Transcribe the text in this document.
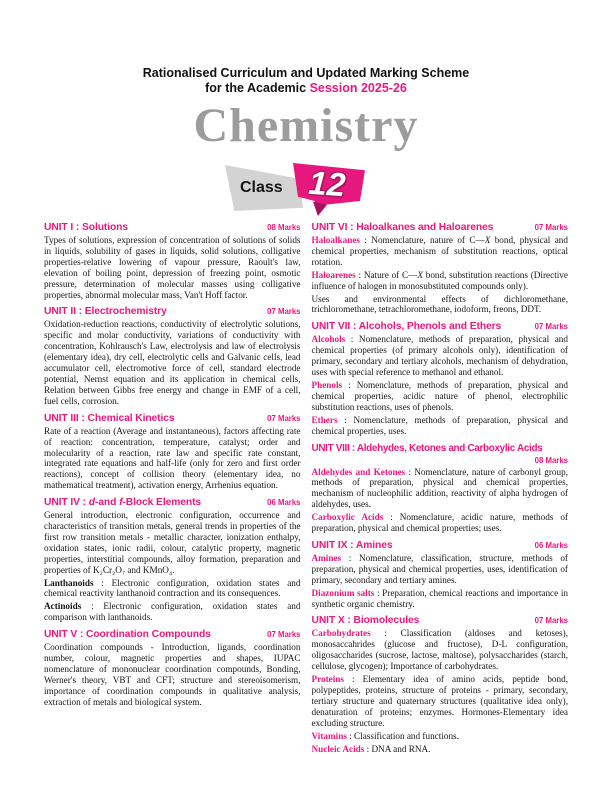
Rationalised Curriculum and Updated Marking Scheme
for the Academic Session 2025-26
Chemistry
Class 12
UNIT I : Solutions	08 Marks

Types of solutions, expression of concentration of solutions of solids in liquids, solubility of gases in liquids, solid solutions, colligative properties-relative lowering of vapour pressure, Raoult's law, elevation of boiling point, depression of freezing point, osmotic pressure, determination of molecular masses using colligative properties, abnormal molecular mass, Van't Hoff factor.

UNIT II : Electrochemistry	07 Marks

Oxidation-reduction reactions, conductivity of electrolytic solutions, specific and molar conductivity, variations of conductivity with concentration, Kohlrausch's Law, electrolysis and law of electrolysis (elementary idea), dry cell, electrolytic cells and Galvanic cells, lead accumulator cell, electromotive force of cell, standard electrode potential, Nernst equation and its application in chemical cells, Relation between Gibbs free energy and change in EMF of a cell, fuel cells, corrosion.

UNIT III : Chemical Kinetics	07 Marks

Rate of a reaction (Average and instantaneous), factors affecting rate of reaction: concentration, temperature, catalyst; order and molecularity of a reaction, rate law and specific rate constant, integrated rate equations and half-life (only for zero and first order reactions), concept of collision theory (elementary idea, no mathematical treatment), activation energy, Arrhenius equation.

UNIT IV : d-and f-Block Elements	06 Marks

General introduction, electronic configuration, occurrence and characteristics of transition metals, general trends in properties of the first row transition metals - metallic character, ionization enthalpy, oxidation states, ionic radii, colour, catalytic property, magnetic properties, interstitial compounds, alloy formation, preparation and properties of K₂Cr₂O₇ and KMnO₄.

Lanthanoids : Electronic configuration, oxidation states and chemical reactivity lanthanoid contraction and its consequences.

Actinoids : Electronic configuration, oxidation states and comparison with lanthanoids.

UNIT V : Coordination Compounds	07 Marks

Coordination compounds - Introduction, ligands, coordination number, colour, magnetic properties and shapes, IUPAC nomenclature of mononuclear coordination compounds, Bonding, Werner's theory, VBT and CFT; structure and stereoisomerism, importance of coordination compounds in qualitative analysis, extraction of metals and biological system.

UNIT VI : Haloalkanes and Haloarenes	07 Marks

Haloalkanes : Nomenclature, nature of C—X bond, physical and chemical properties, mechanism of substitution reactions, optical rotation.

Haloarenes : Nature of C—X bond, substitution reactions (Directive influence of halogen in monosubstituted compounds only).

Uses and environmental effects of dichloromethane, trichloromethane, tetrachloromethane, iodoform, freons, DDT.

UNIT VII : Alcohols, Phenols and Ethers	07 Marks

Alcohols : Nomenclature, methods of preparation, physical and chemical properties (of primary alcohols only), identification of primary, secondary and tertiary alcohols, mechanism of dehydration, uses with special reference to methanol and ethanol.

Phenols : Nomenclature, methods of preparation, physical and chemical properties, acidic nature of phenol, electrophilic substitution reactions, uses of phenols.

Ethers : Nomenclature, methods of preparation, physical and chemical properties, uses.

UNIT VIII : Aldehydes, Ketones and Carboxylic Acids
08 Marks

Aldehydes and Ketones : Nomenclature, nature of carbonyl group, methods of preparation, physical and chemical properties, mechanism of nucleophilic addition, reactivity of alpha hydrogen of aldehydes, uses.

Carboxylic Acids : Nomenclature, acidic nature, methods of preparation, physical and chemical properties; uses.

UNIT IX : Amines	06 Marks

Amines : Nomenclature, classification, structure, methods of preparation, physical and chemical properties, uses, identification of primary, secondary and tertiary amines.

Diazonium salts : Preparation, chemical reactions and importance in synthetic organic chemistry.

UNIT X : Biomolecules	07 Marks

Carbohydrates : Classification (aldoses and ketoses), monosaccahrides (glucose and fructose), D-L configuration, oligosaccharides (sucrose, lactose, maltose), polysaccharides (starch, cellulose, glycogen); Importance of carbohydrates.

Proteins : Elementary idea of amino acids, peptide bond, polypeptides, proteins, structure of proteins - primary, secondary, tertiary structure and quaternary structures (qualitative idea only), denaturation of proteins; enzymes. Hormones-Elementary idea excluding structure.

Vitamins : Classification and functions.

Nucleic Acids : DNA and RNA.
